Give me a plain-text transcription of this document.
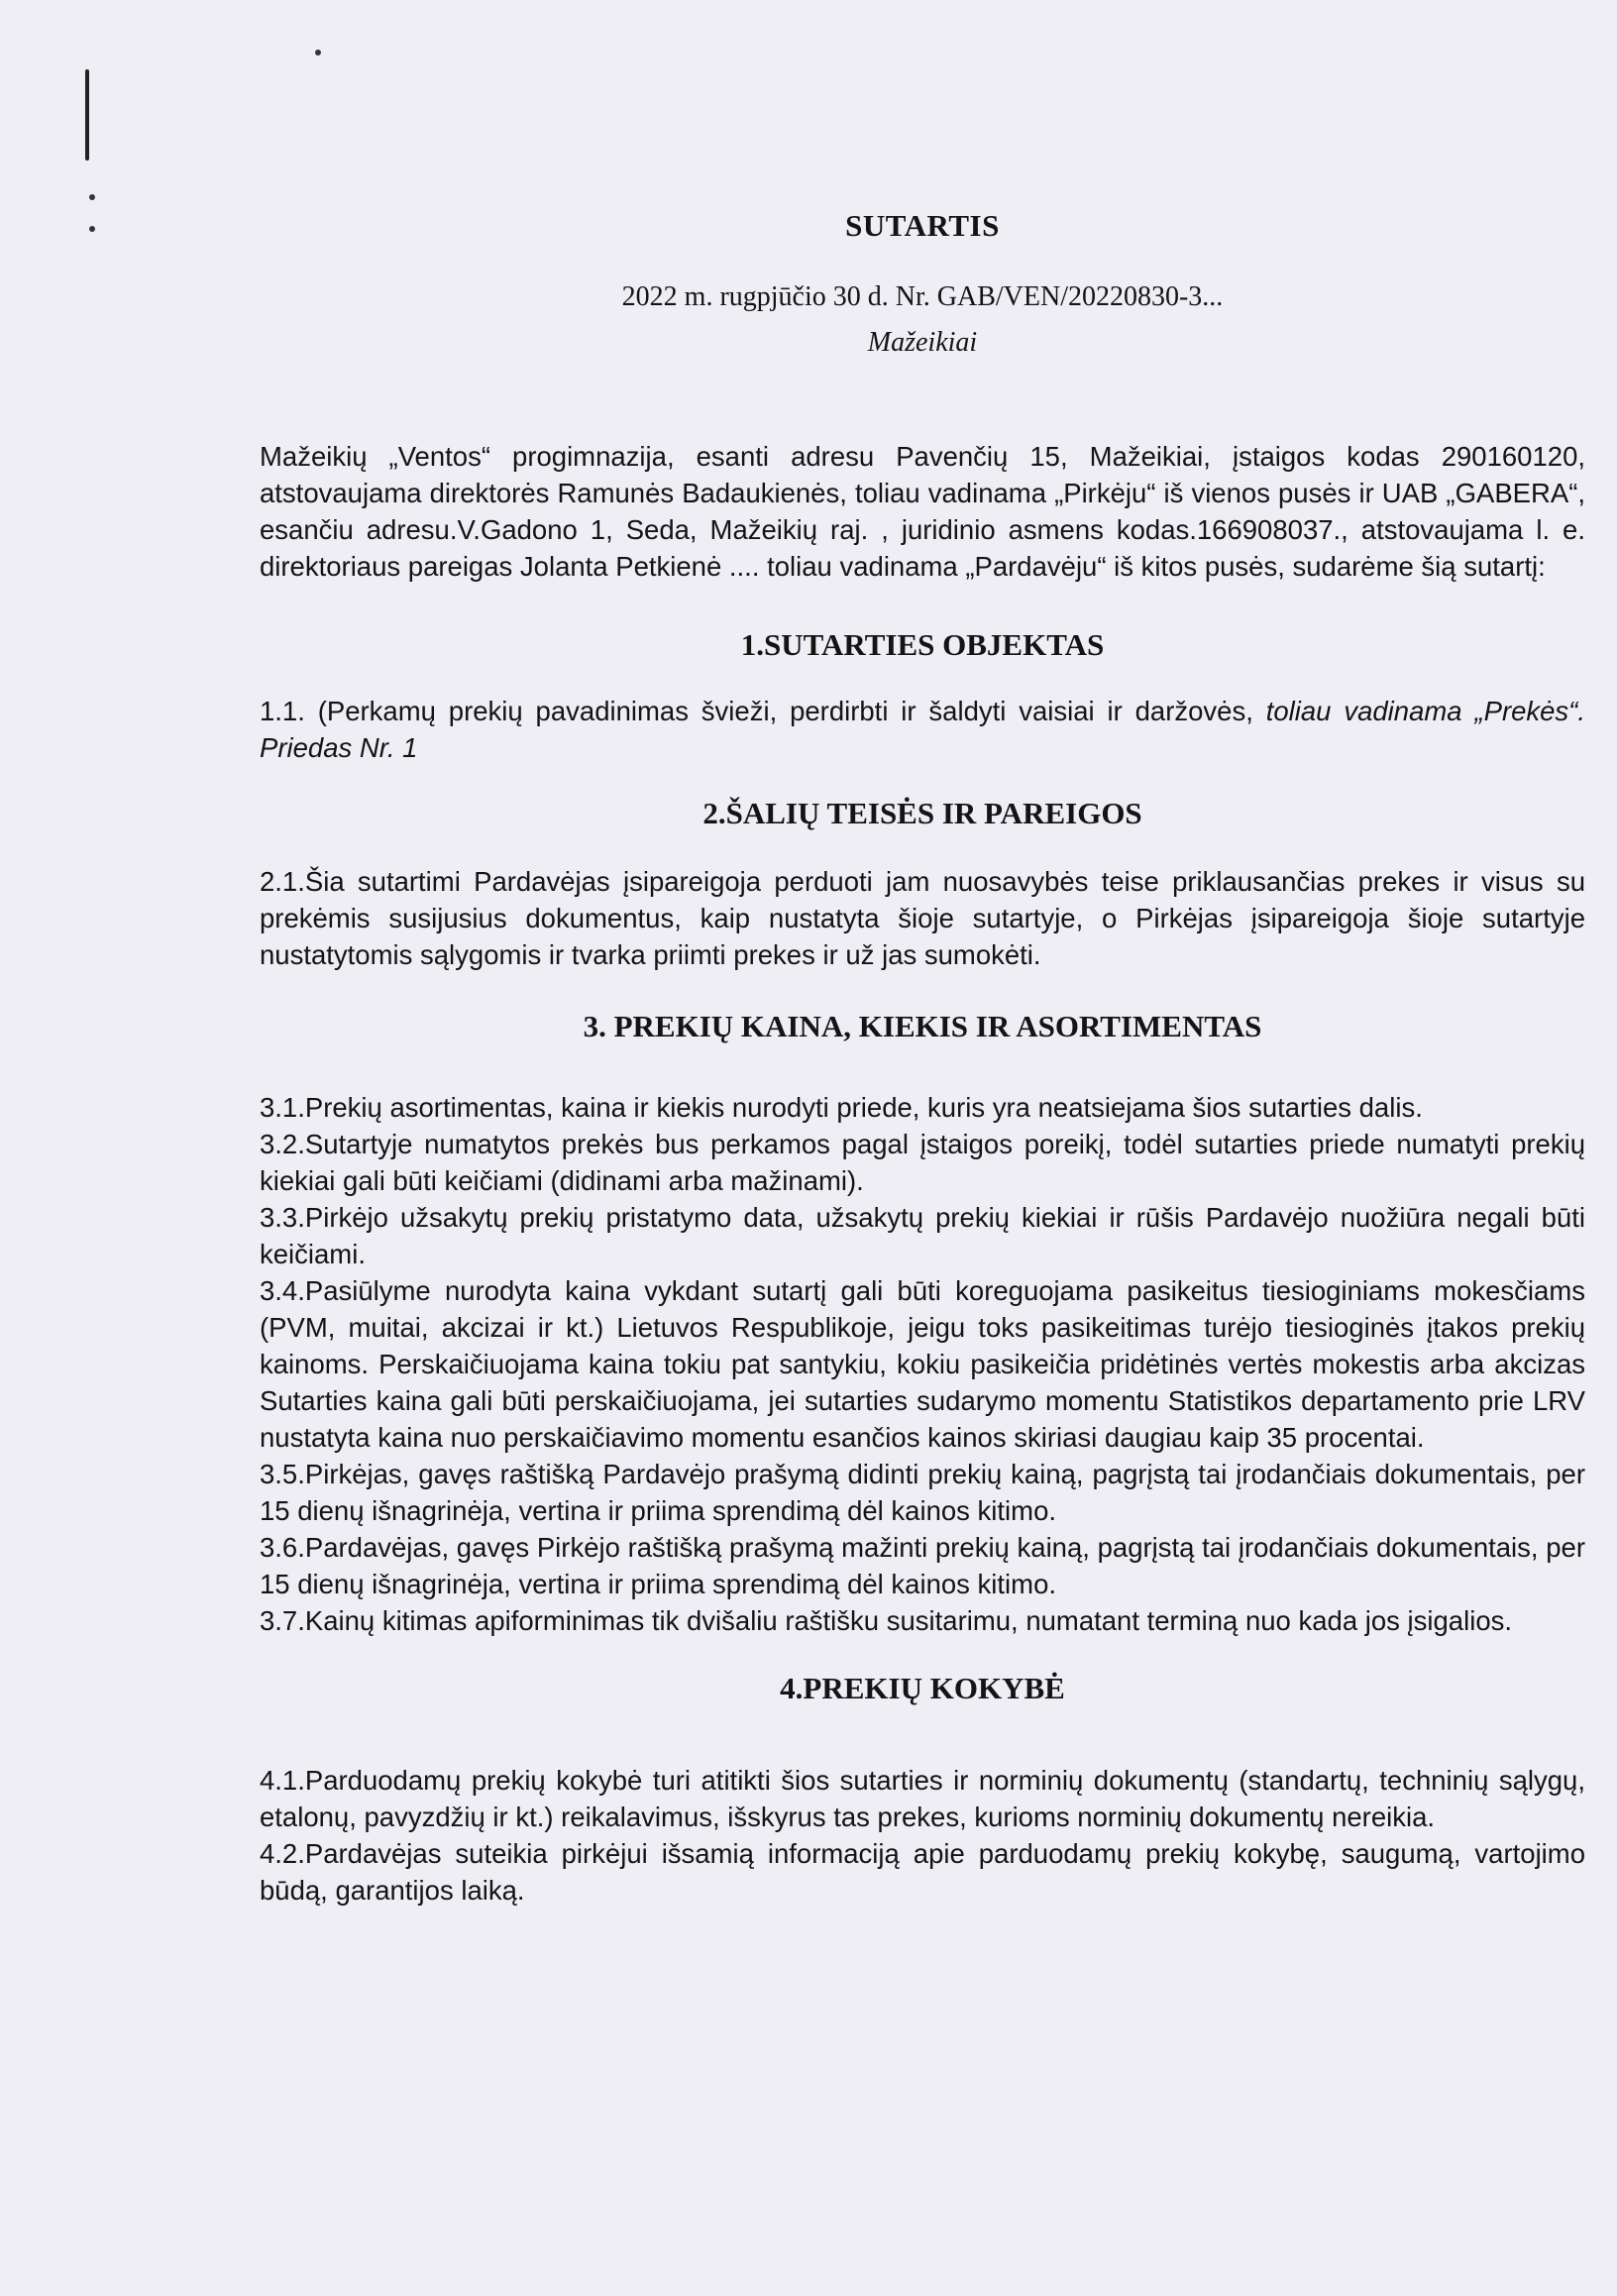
SUTARTIS
2022 m. rugpjūčio 30 d. Nr. GAB/VEN/20220830-3...
Mažeikiai

Mažeikių „Ventos“ progimnazija, esanti adresu Pavenčių 15, Mažeikiai, įstaigos kodas 290160120, atstovaujama direktorės Ramunės Badaukienės, toliau vadinama „Pirkėju“ iš vienos pusės ir UAB „GABERA“, esančiu adresu.V.Gadono 1, Seda, Mažeikių raj. , juridinio asmens kodas.166908037., atstovaujama l. e. direktoriaus pareigas Jolanta Petkienė .... toliau vadinama „Pardavėju“ iš kitos pusės, sudarėme šią sutartį:

1.SUTARTIES OBJEKTAS

1.1. (Perkamų prekių pavadinimas švieži, perdirbti ir šaldyti vaisiai ir daržovės, toliau vadinama „Prekės“. Priedas Nr. 1

2.ŠALIŲ TEISĖS IR PAREIGOS

2.1.Šia sutartimi Pardavėjas įsipareigoja perduoti jam nuosavybės teise priklausančias prekes ir visus su prekėmis susijusius dokumentus, kaip nustatyta šioje sutartyje, o Pirkėjas įsipareigoja šioje sutartyje nustatytomis sąlygomis ir tvarka priimti prekes ir už jas sumokėti.

3. PREKIŲ KAINA, KIEKIS IR ASORTIMENTAS
3.1.Prekių asortimentas, kaina ir kiekis nurodyti priede, kuris yra neatsiejama šios sutarties dalis.
3.2.Sutartyje numatytos prekės bus perkamos pagal įstaigos poreikį, todėl sutarties priede numatyti prekių kiekiai gali būti keičiami (didinami arba mažinami).
3.3.Pirkėjo užsakytų prekių pristatymo data, užsakytų prekių kiekiai ir rūšis Pardavėjo nuožiūra negali būti keičiami.
3.4.Pasiūlyme nurodyta kaina vykdant sutartį gali būti koreguojama pasikeitus tiesioginiams mokesčiams (PVM, muitai, akcizai ir kt.) Lietuvos Respublikoje, jeigu toks pasikeitimas turėjo tiesioginės įtakos prekių kainoms. Perskaičiuojama kaina tokiu pat santykiu, kokiu pasikeičia pridėtinės vertės mokestis arba akcizas Sutarties kaina gali būti perskaičiuojama, jei sutarties sudarymo momentu Statistikos departamento prie LRV nustatyta kaina nuo perskaičiavimo momentu esančios kainos skiriasi daugiau kaip 35 procentai.
3.5.Pirkėjas, gavęs raštišką Pardavėjo prašymą didinti prekių kainą, pagrįstą tai įrodančiais dokumentais, per 15 dienų išnagrinėja, vertina ir priima sprendimą dėl kainos kitimo.
3.6.Pardavėjas, gavęs Pirkėjo raštišką prašymą mažinti prekių kainą, pagrįstą tai įrodančiais dokumentais, per 15 dienų išnagrinėja, vertina ir priima sprendimą dėl kainos kitimo.
3.7.Kainų kitimas apiforminimas tik dvišaliu raštišku susitarimu, numatant terminą nuo kada jos įsigalios.
4.PREKIŲ KOKYBĖ
4.1.Parduodamų prekių kokybė turi atitikti šios sutarties ir norminių dokumentų (standartų, techninių sąlygų, etalonų, pavyzdžių ir kt.) reikalavimus, išskyrus tas prekes, kurioms norminių dokumentų nereikia.
4.2.Pardavėjas suteikia pirkėjui išsamią informaciją apie parduodamų prekių kokybę, saugumą, vartojimo būdą, garantijos laiką.
